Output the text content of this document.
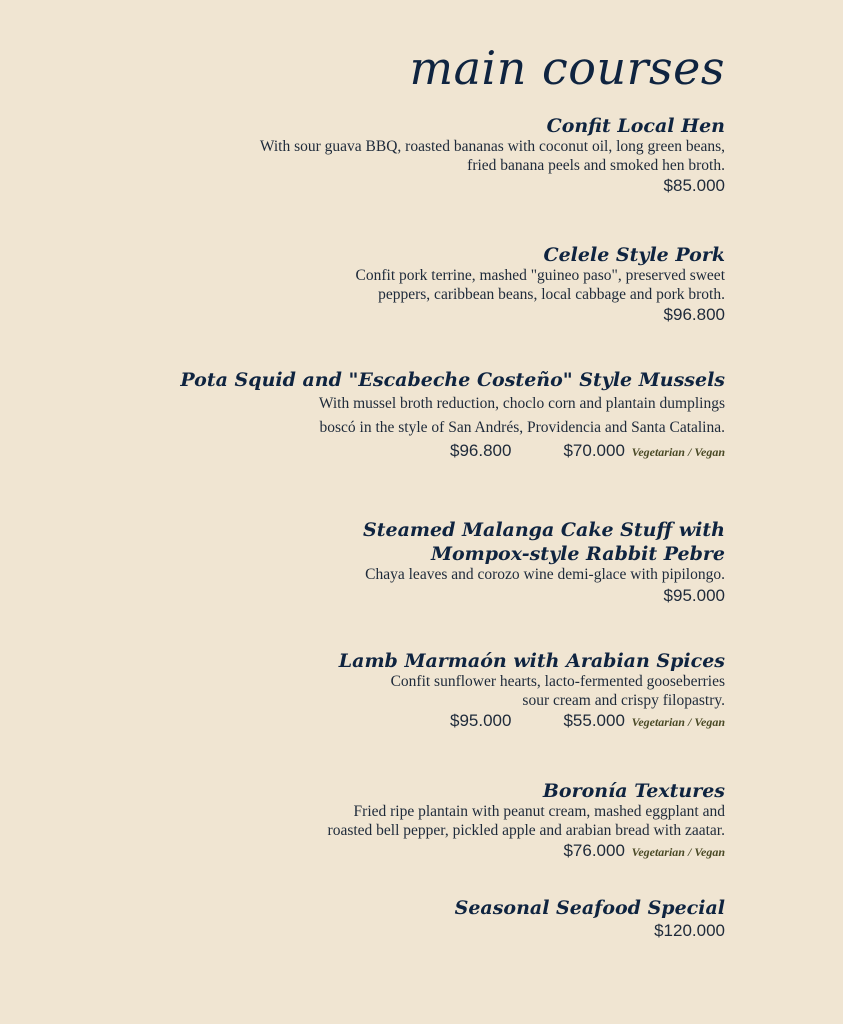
main courses
Confit Local Hen
With sour guava BBQ, roasted bananas with coconut oil, long green beans,
fried banana peels and smoked hen broth.
$85.000
Celele Style Pork
Confit pork terrine, mashed "guineo paso", preserved sweet
peppers, caribbean beans, local cabbage and pork broth.
$96.800
Pota Squid and "Escabeche Costeño" Style Mussels
With mussel broth reduction, choclo corn and plantain dumplings
boscó in the style of San Andrés, Providencia and Santa Catalina.
$96.800	$70.000 Vegetarian / Vegan
Steamed Malanga Cake Stuff with
Mompox-style Rabbit Pebre
Chaya leaves and corozo wine demi-glace with pipilongo.
$95.000
Lamb Marmaón with Arabian Spices
Confit sunflower hearts, lacto-fermented gooseberries
sour cream and crispy filopastry.
$95.000	$55.000 Vegetarian / Vegan
Boronía Textures
Fried ripe plantain with peanut cream, mashed eggplant and
roasted bell pepper, pickled apple and arabian bread with zaatar.
$76.000 Vegetarian / Vegan
Seasonal Seafood Special
$120.000
